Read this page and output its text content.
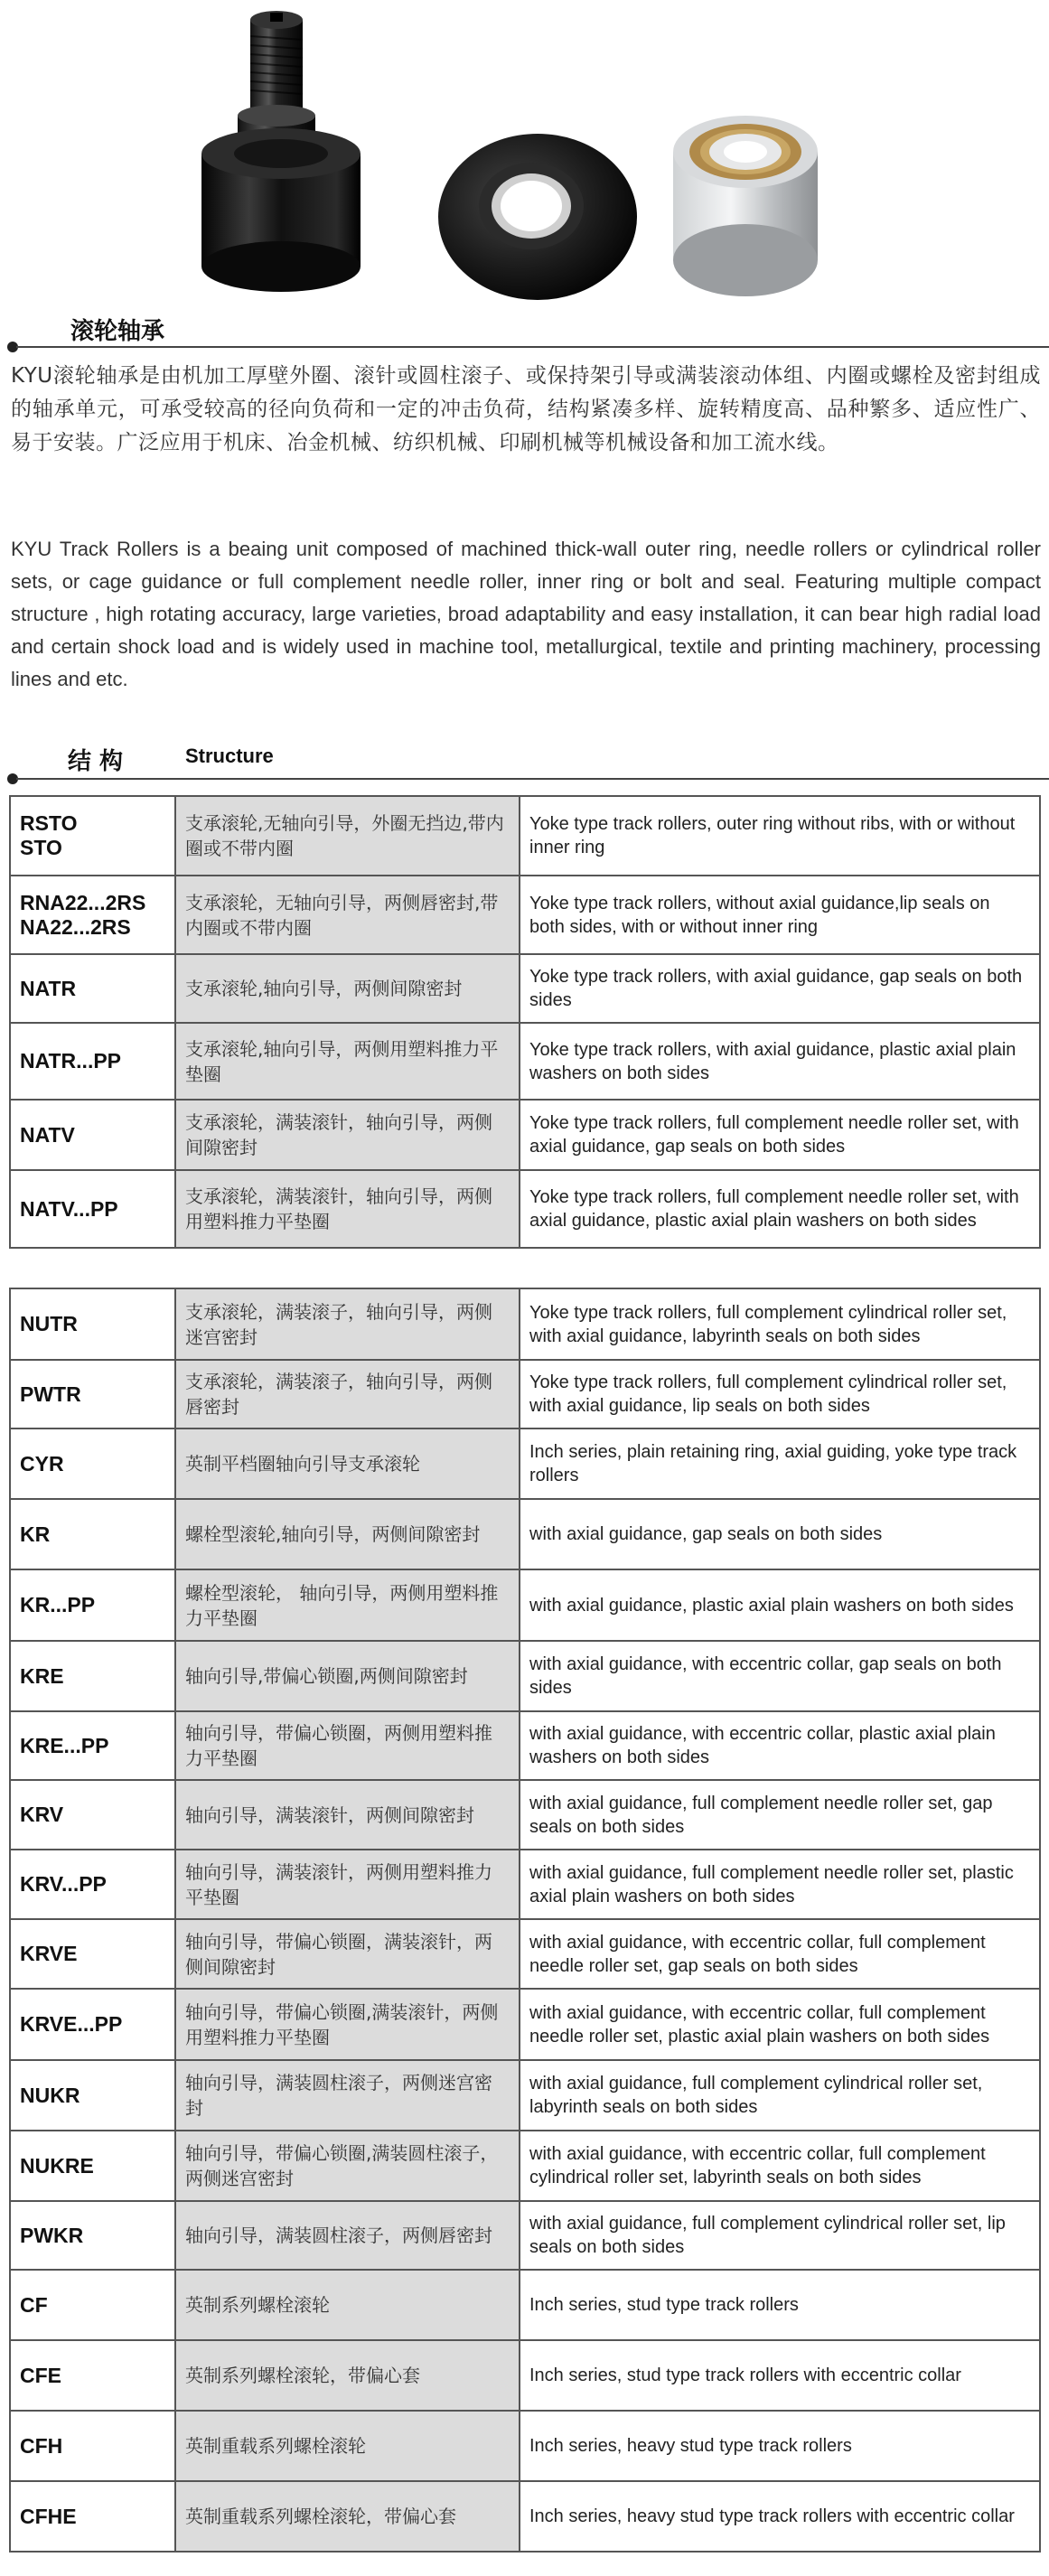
滚轮轴承

KYU滚轮轴承是由机加工厚壁外圈、滚针或圆柱滚子、或保持架引导或满装滚动体组、内圈或螺栓及密封组成的轴承单元，可承受较高的径向负荷和一定的冲击负荷，结构紧凑多样、旋转精度高、品种繁多、适应性广、易于安装。广泛应用于机床、冶金机械、纺织机械、印刷机械等机械设备和加工流水线。

KYU Track Rollers is a beaing unit composed of machined thick-wall outer ring, needle rollers or cylindrical roller sets, or cage guidance or full complement needle roller, inner ring or bolt and seal. Featuring multiple compact structure , high rotating accuracy, large varieties, broad adaptability and easy installation, it can bear high radial load and certain shock load and is widely used in machine tool, metallurgical, textile and printing machinery, processing lines and etc.

结 构	Structure
RSTO
STO	支承滚轮,无轴向引导，外圈无挡边,带内圈或不带内圈	Yoke type track rollers, outer ring without ribs, with or without inner ring
RNA22...2RS
NA22...2RS	支承滚轮，无轴向引导，两侧唇密封,带内圈或不带内圈	Yoke type track rollers, without axial guidance,lip seals on both sides, with or without inner ring
NATR	支承滚轮,轴向引导，两侧间隙密封	Yoke type track rollers, with axial guidance, gap seals on both sides
NATR...PP	支承滚轮,轴向引导，两侧用塑料推力平垫圈	Yoke type track rollers, with axial guidance, plastic axial plain washers on both sides
NATV	支承滚轮，满装滚针，轴向引导，两侧间隙密封	Yoke type track rollers, full complement needle roller set, with axial guidance, gap seals on both sides
NATV...PP	支承滚轮，满装滚针，轴向引导，两侧用塑料推力平垫圈	Yoke type track rollers, full complement needle roller set, with axial guidance, plastic axial plain washers on both sides
NUTR	支承滚轮，满装滚子，轴向引导，两侧迷宫密封	Yoke type track rollers, full complement cylindrical roller set, with axial guidance, labyrinth seals on both sides
PWTR	支承滚轮，满装滚子，轴向引导，两侧唇密封	Yoke type track rollers, full complement cylindrical roller set, with axial guidance, lip seals on both sides
CYR	英制平档圈轴向引导支承滚轮	Inch series, plain retaining ring, axial guiding, yoke type track rollers
KR	螺栓型滚轮,轴向引导，两侧间隙密封	with axial guidance, gap seals on both sides
KR...PP	螺栓型滚轮， 轴向引导，两侧用塑料推力平垫圈	with axial guidance, plastic axial plain washers on both sides
KRE	轴向引导,带偏心锁圈,两侧间隙密封	with axial guidance, with eccentric collar, gap seals on both sides
KRE...PP	轴向引导，带偏心锁圈，两侧用塑料推力平垫圈	with axial guidance, with eccentric collar, plastic axial plain washers on both sides
KRV	轴向引导，满装滚针，两侧间隙密封	with axial guidance, full complement needle roller set, gap seals on both sides
KRV...PP	轴向引导，满装滚针，两侧用塑料推力平垫圈	with axial guidance, full complement needle roller set, plastic axial plain washers on both sides
KRVE	轴向引导，带偏心锁圈，满装滚针，两侧间隙密封	with axial guidance, with eccentric collar, full complement needle roller set, gap seals on both sides
KRVE...PP	轴向引导，带偏心锁圈,满装滚针，两侧用塑料推力平垫圈	with axial guidance, with eccentric collar, full complement needle roller set, plastic axial plain washers on both sides
NUKR	轴向引导，满装圆柱滚子，两侧迷宫密封	with axial guidance, full complement cylindrical roller set, labyrinth seals on both sides
NUKRE	轴向引导，带偏心锁圈,满装圆柱滚子，两侧迷宫密封	with axial guidance, with eccentric collar, full complement cylindrical roller set, labyrinth seals on both sides
PWKR	轴向引导，满装圆柱滚子，两侧唇密封	with axial guidance, full complement cylindrical roller set, lip seals on both sides
CF	英制系列螺栓滚轮	Inch series, stud type track rollers
CFE	英制系列螺栓滚轮，带偏心套	Inch series, stud type track rollers with eccentric collar
CFH	英制重载系列螺栓滚轮	Inch series, heavy stud type track rollers
CFHE	英制重载系列螺栓滚轮，带偏心套	Inch series, heavy stud type track rollers with eccentric collar
